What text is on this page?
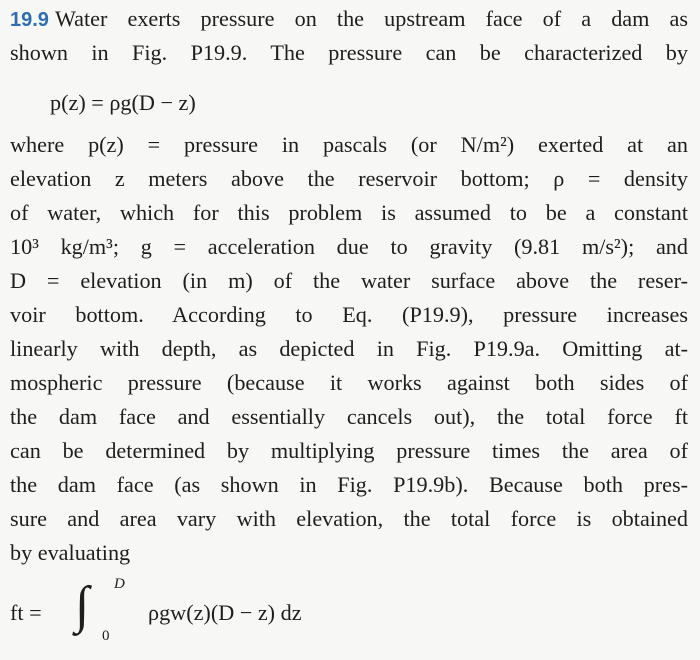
19.9 Water exerts pressure on the upstream face of a dam as
shown in Fig. P19.9. The pressure can be characterized by
p(z) = ρg(D − z)
where p(z) = pressure in pascals (or N/m²) exerted at an
elevation z meters above the reservoir bottom; ρ = density
of water, which for this problem is assumed to be a constant
10³ kg/m³; g = acceleration due to gravity (9.81 m/s²); and
D = elevation (in m) of the water surface above the reser-
voir bottom. According to Eq. (P19.9), pressure increases
linearly with depth, as depicted in Fig. P19.9a. Omitting at-
mospheric pressure (because it works against both sides of
the dam face and essentially cancels out), the total force ft
can be determined by multiplying pressure times the area of
the dam face (as shown in Fig. P19.9b). Because both pres-
sure and area vary with elevation, the total force is obtained
by evaluating
ft = ∫ D
0
ρgw(z)(D − z) dz
